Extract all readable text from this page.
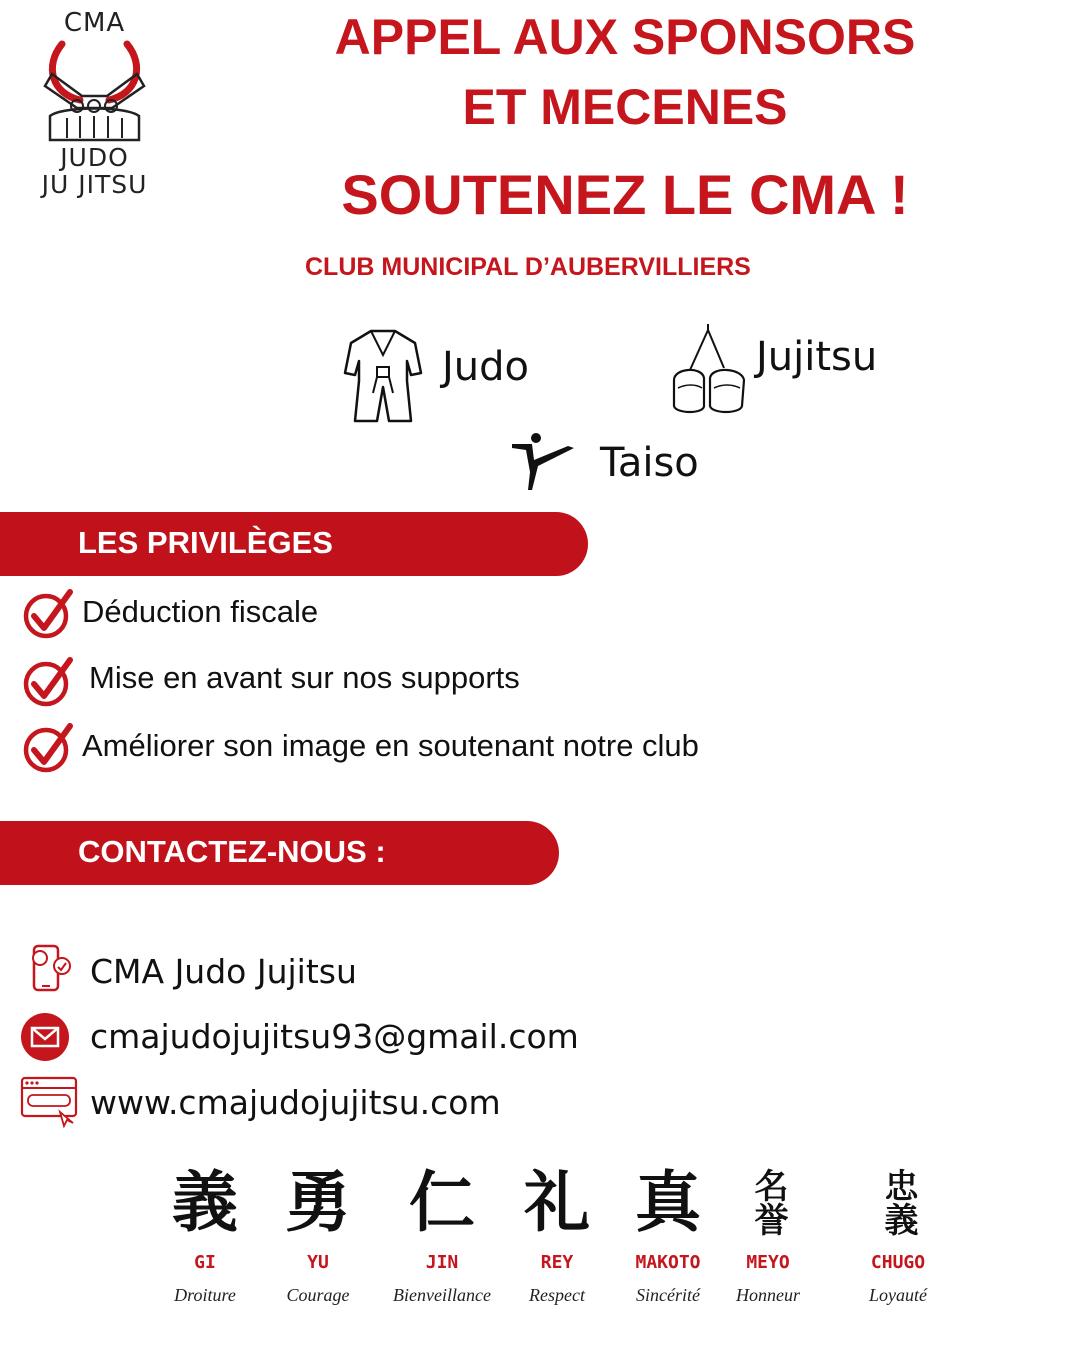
CMA
JUDO
JU JITSU
APPEL AUX SPONSORS
ET MECENES
SOUTENEZ LE CMA !
CLUB MUNICIPAL D’AUBERVILLIERS
Judo	Jujitsu
Taiso
LES PRIVILÈGES
Déduction fiscale
Mise en avant sur nos supports
Améliorer son image en soutenant notre club
CONTACTEZ-NOUS :
CMA Judo Jujitsu
cmajudojujitsu93@gmail.com
www.cmajudojujitsu.com
義
GI
Droiture
勇
YU
Courage
仁
JIN
Bienveillance
礼
REY
Respect
真
MAKOTO
Sincérité
名誉
MEYO
Honneur
忠義
CHUGO
Loyauté
